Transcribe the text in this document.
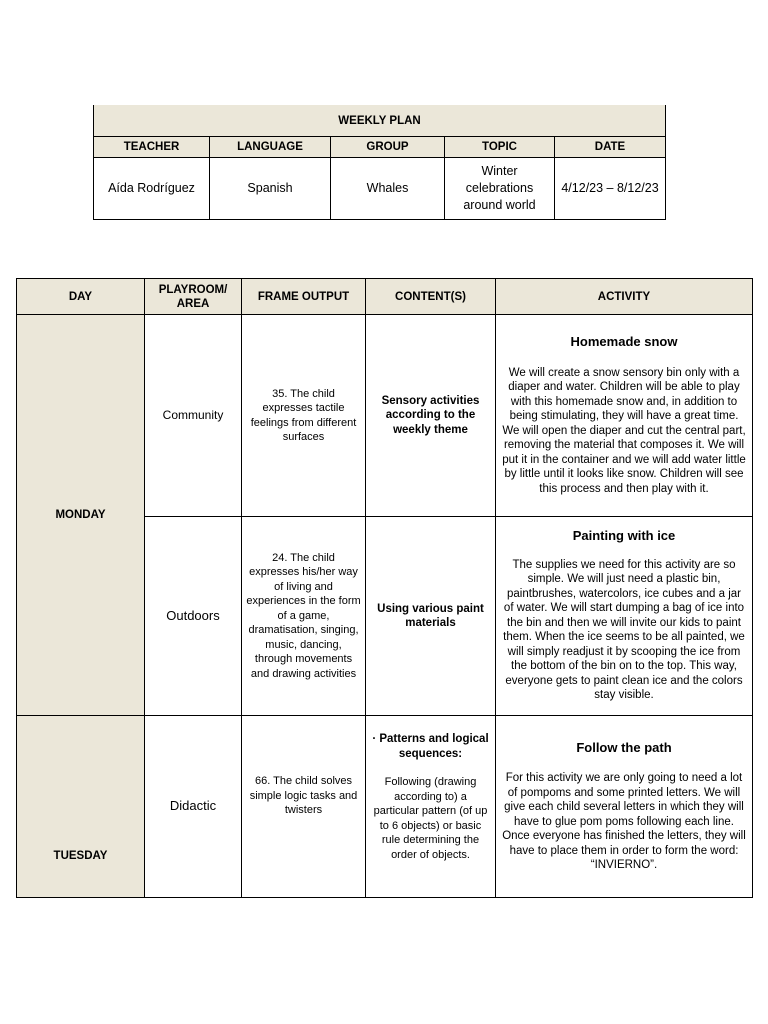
WEEKLY PLAN				
TEACHER	LANGUAGE	GROUP	TOPIC	DATE
Aída Rodríguez	Spanish	Whales	Winter celebrations around world	4/12/23 – 8/12/23
DAY	PLAYROOM/ AREA	FRAME OUTPUT	CONTENT(S)	ACTIVITY
MONDAY	Community	35. The child expresses tactile feelings from different surfaces	Sensory activities according to the weekly theme	Homemade snow
We will create a snow sensory bin only with a diaper and water. Children will be able to play with this homemade snow and, in addition to being stimulating, they will have a great time. We will open the diaper and cut the central part, removing the material that composes it. We will put it in the container and we will add water little by little until it looks like snow. Children will see this process and then play with it.

	Outdoors	24. The child expresses his/her way of living and experiences in the form of a game, dramatisation, singing, music, dancing, through movements and drawing activities	Using various paint materials	Painting with ice
The supplies we need for this activity are so simple. We will just need a plastic bin, paintbrushes, watercolors, ice cubes and a jar of water. We will start dumping a bag of ice into the bin and then we will invite our kids to paint them. When the ice seems to be all painted, we will simply readjust it by scooping the ice from the bottom of the bin on to the top. This way, everyone gets to paint clean ice and the colors stay visible.

TUESDAY	Didactic	66. The child solves simple logic tasks and twisters	· Patterns and logical sequences:
Following (drawing according to) a particular pattern (of up to 6 objects) or basic rule determining the order of objects.	Follow the path
For this activity we are only going to need a lot of pompoms and some printed letters. We will give each child several letters in which they will have to glue pom poms following each line. Once everyone has finished the letters, they will have to place them in order to form the word: “INVIERNO”.
